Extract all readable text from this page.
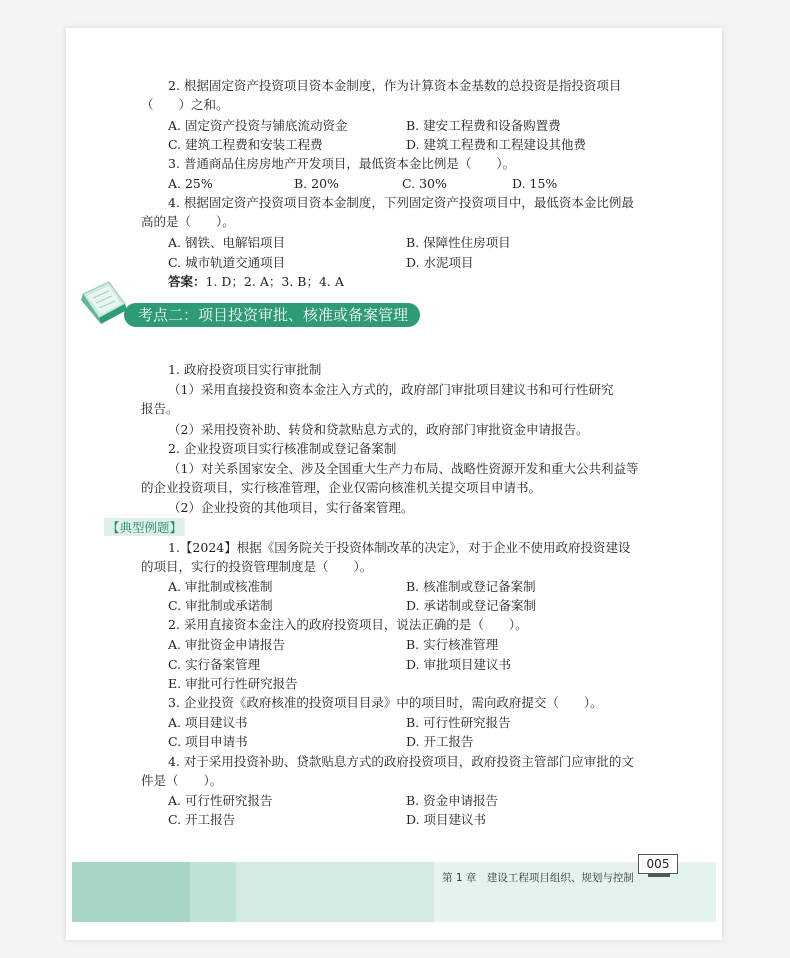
2. 根据固定资产投资项目资本金制度，作为计算资本金基数的总投资是指投资项目
（　　）之和。
A. 固定资产投资与铺底流动资金	B. 建安工程费和设备购置费
C. 建筑工程费和安装工程费	D. 建筑工程费和工程建设其他费
3. 普通商品住房房地产开发项目，最低资本金比例是（　　）。
A. 25%	B. 20%	C. 30%	D. 15%
4. 根据固定资产投资项目资本金制度，下列固定资产投资项目中，最低资本金比例最
高的是（　　）。
A. 钢铁、电解铝项目	B. 保障性住房项目
C. 城市轨道交通项目	D. 水泥项目
答案：1. D；2. A；3. B；4. A
考点二：项目投资审批、核准或备案管理
1. 政府投资项目实行审批制
（1）采用直接投资和资本金注入方式的，政府部门审批项目建议书和可行性研究
报告。
（2）采用投资补助、转贷和贷款贴息方式的，政府部门审批资金申请报告。
2. 企业投资项目实行核准制或登记备案制
（1）对关系国家安全、涉及全国重大生产力布局、战略性资源开发和重大公共利益等
的企业投资项目，实行核准管理，企业仅需向核准机关提交项目申请书。
（2）企业投资的其他项目，实行备案管理。
【典型例题】
1.【2024】根据《国务院关于投资体制改革的决定》，对于企业不使用政府投资建设
的项目，实行的投资管理制度是（　　）。
A. 审批制或核准制	B. 核准制或登记备案制
C. 审批制或承诺制	D. 承诺制或登记备案制
2. 采用直接资本金注入的政府投资项目，说法正确的是（　　）。
A. 审批资金申请报告	B. 实行核准管理
C. 实行备案管理	D. 审批项目建议书
E. 审批可行性研究报告
3. 企业投资《政府核准的投资项目目录》中的项目时，需向政府提交（　　）。
A. 项目建议书	B. 可行性研究报告
C. 项目申请书	D. 开工报告
4. 对于采用投资补助、贷款贴息方式的政府投资项目，政府投资主管部门应审批的文
件是（　　）。
A. 可行性研究报告	B. 资金申请报告
C. 开工报告	D. 项目建议书
第 1 章　建设工程项目组织、规划与控制
005
